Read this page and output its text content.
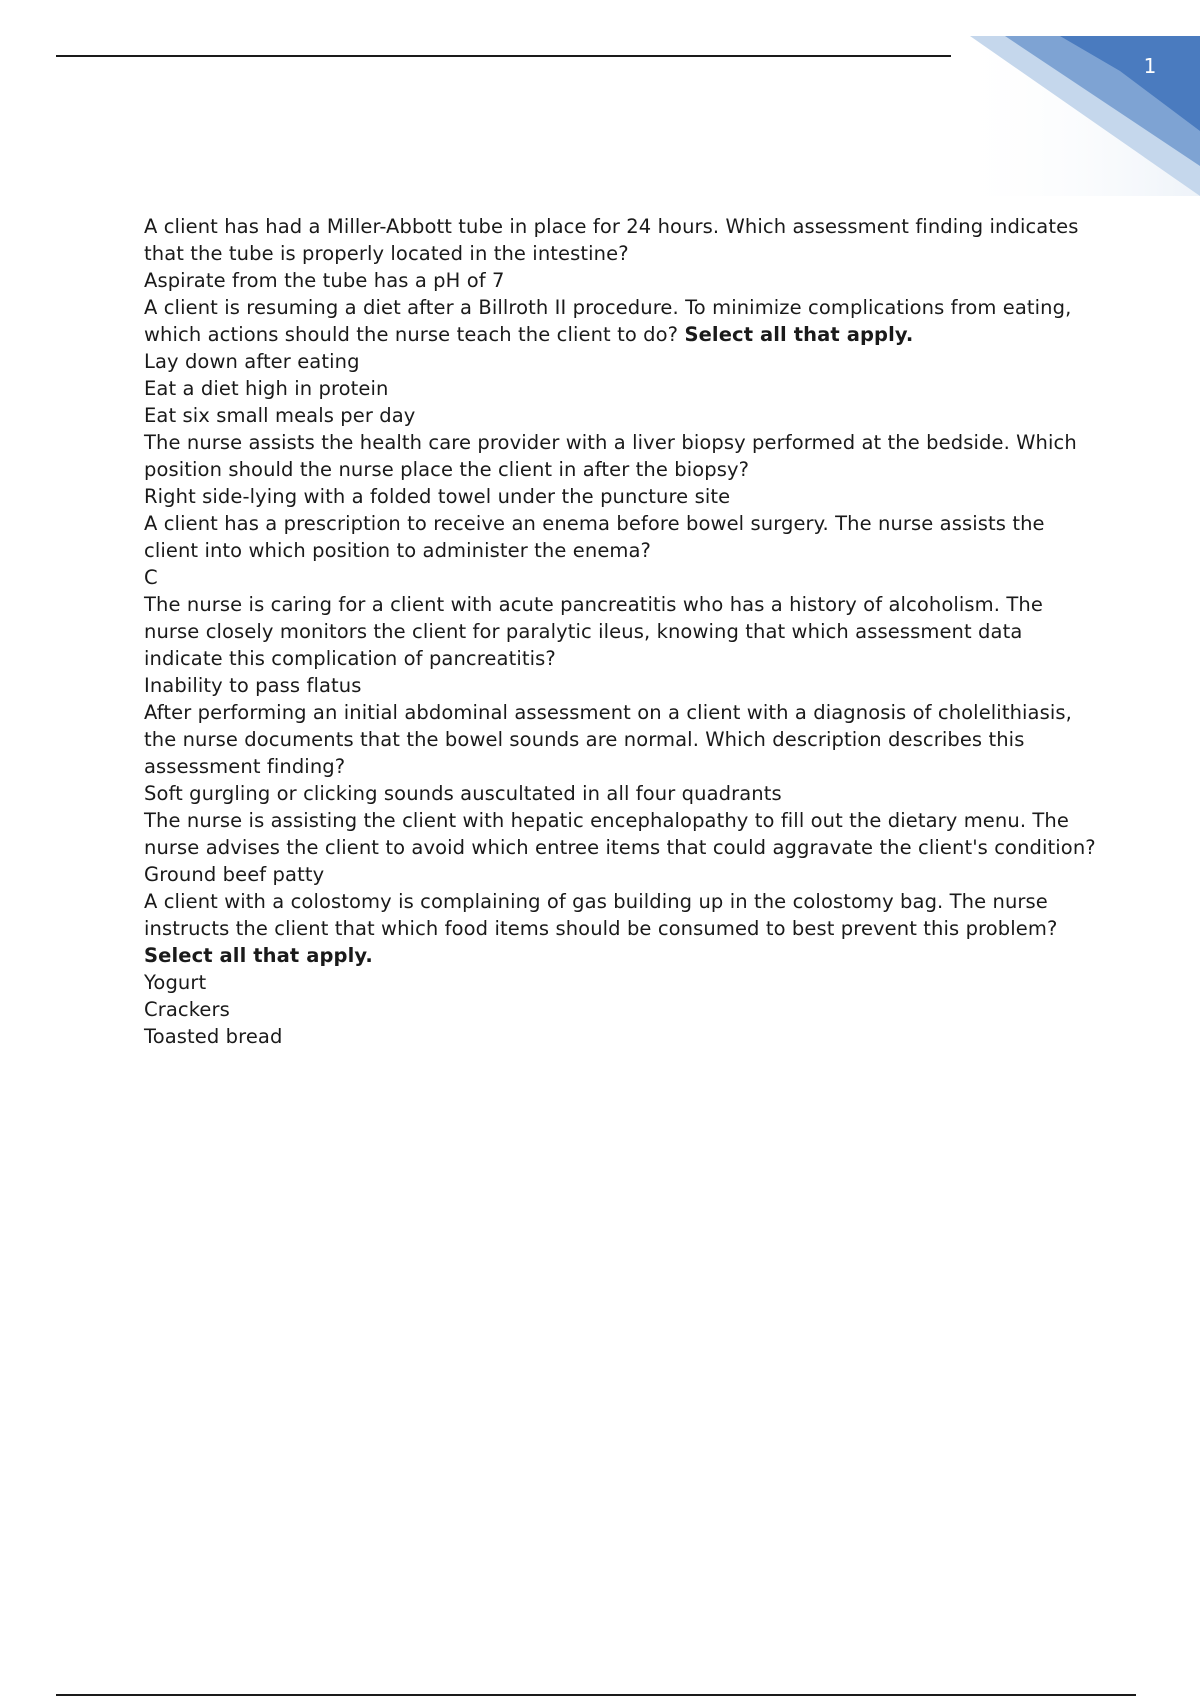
1

A client has had a Miller-Abbott tube in place for 24 hours. Which assessment finding indicates that the tube is properly located in the intestine?

Aspirate from the tube has a pH of 7

A client is resuming a diet after a Billroth II procedure. To minimize complications from eating, which actions should the nurse teach the client to do? Select all that apply.

Lay down after eating
Eat a diet high in protein
Eat six small meals per day

The nurse assists the health care provider with a liver biopsy performed at the bedside. Which position should the nurse place the client in after the biopsy?

Right side-lying with a folded towel under the puncture site

A client has a prescription to receive an enema before bowel surgery. The nurse assists the client into which position to administer the enema?

C

The nurse is caring for a client with acute pancreatitis who has a history of alcoholism. The nurse closely monitors the client for paralytic ileus, knowing that which assessment data indicate this complication of pancreatitis?

Inability to pass flatus

After performing an initial abdominal assessment on a client with a diagnosis of cholelithiasis, the nurse documents that the bowel sounds are normal. Which description describes this assessment finding?

Soft gurgling or clicking sounds auscultated in all four quadrants

The nurse is assisting the client with hepatic encephalopathy to fill out the dietary menu. The nurse advises the client to avoid which entree items that could aggravate the client's condition?

Ground beef patty

A client with a colostomy is complaining of gas building up in the colostomy bag. The nurse instructs the client that which food items should be consumed to best prevent this problem? Select all that apply.

Yogurt
Crackers
Toasted bread
